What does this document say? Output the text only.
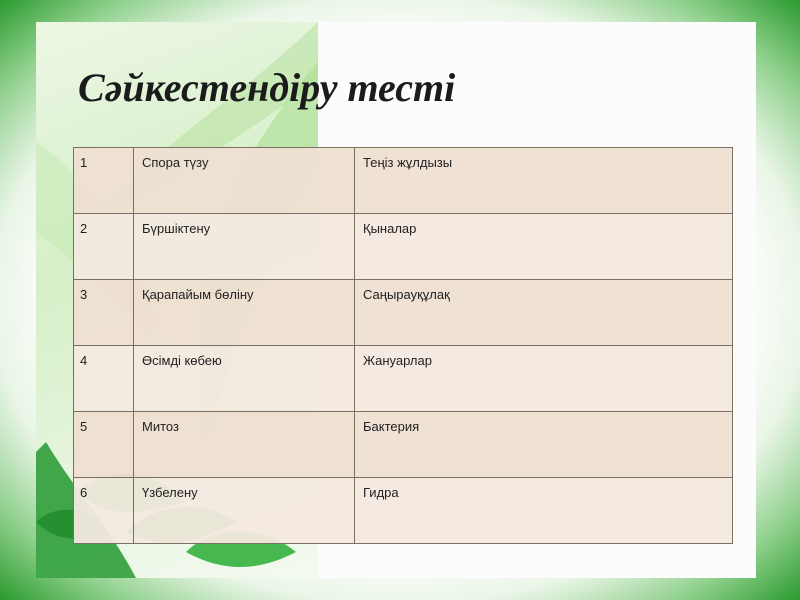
Сәйкестендіру тесті
1	Спора түзу	Теңіз жұлдызы
2	Бүршіктену	Қыналар
3	Қарапайым бөліну	Саңырауқұлақ
4	Өсімді көбею	Жануарлар
5	Митоз	Бактерия
6	Үзбелену	Гидра
